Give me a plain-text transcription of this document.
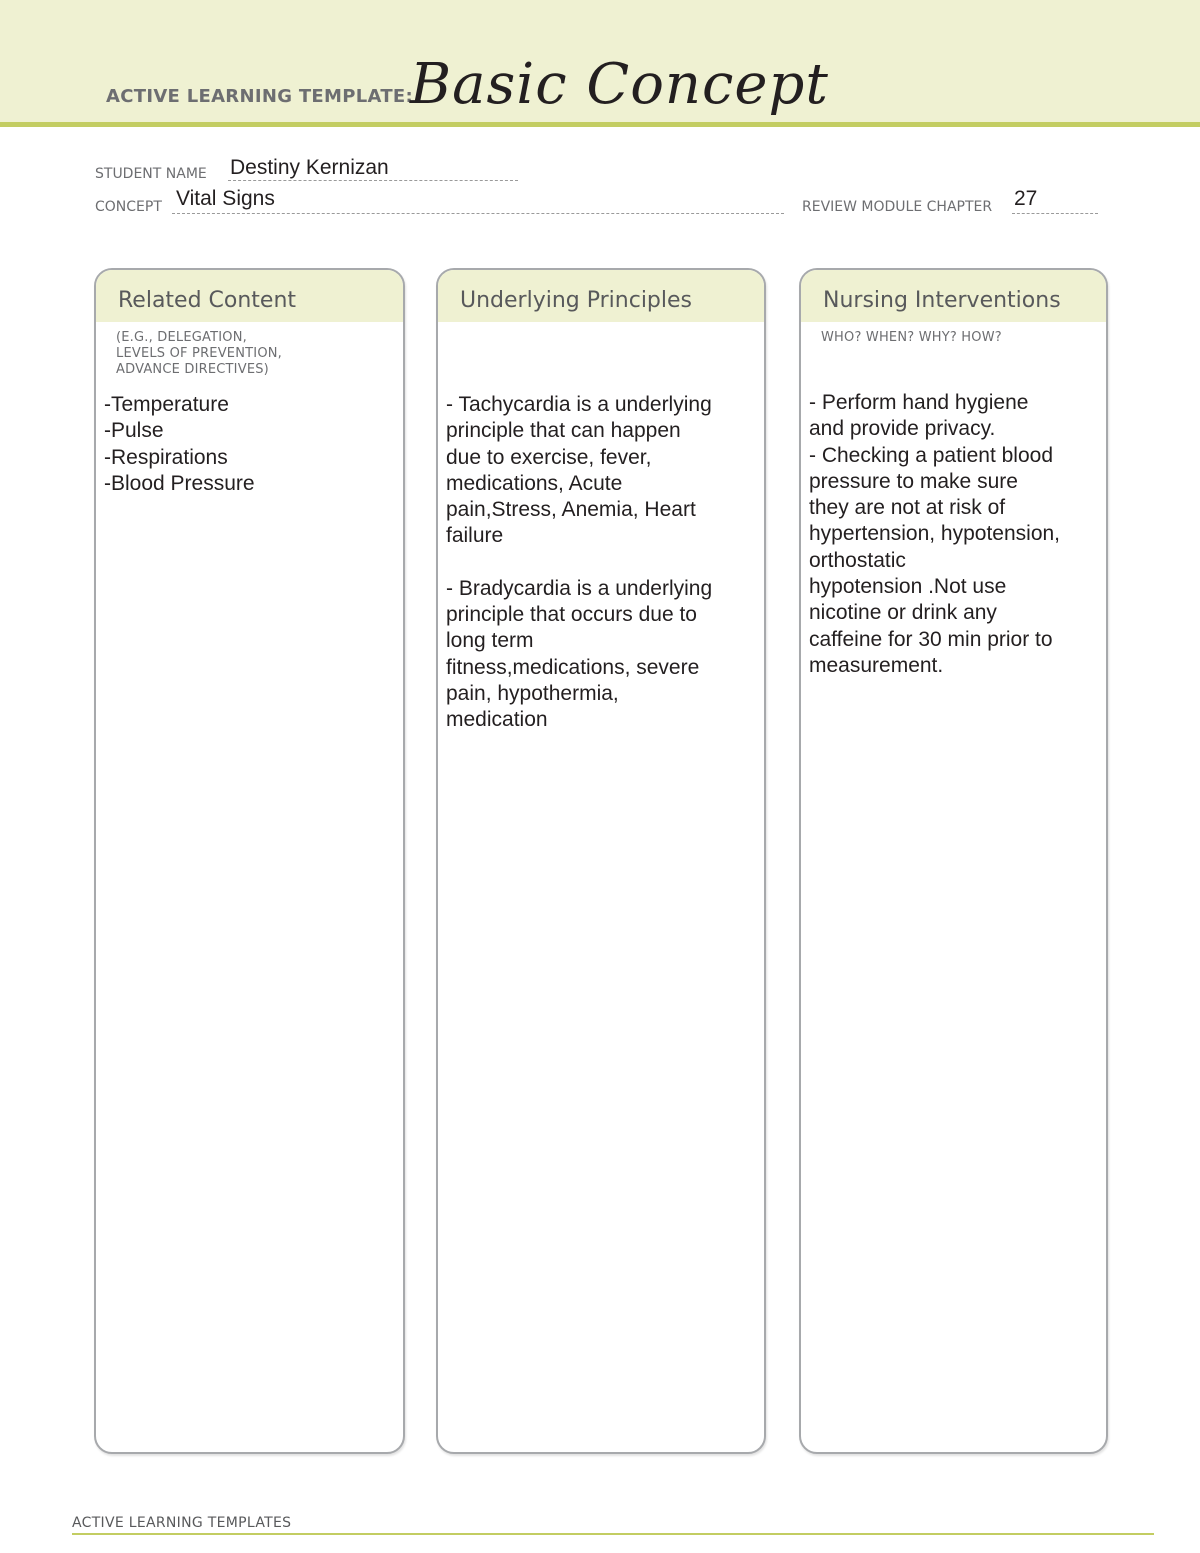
ACTIVE LEARNING TEMPLATE:
Basic Concept
STUDENT NAME Destiny Kernizan
CONCEPT Vital Signs	REVIEW MODULE CHAPTER 27
Related Content
(E.G., DELEGATION,
LEVELS OF PREVENTION,
ADVANCE DIRECTIVES)

-Temperature

-Pulse

-Respirations

-Blood Pressure

Underlying Principles

- Tachycardia is a underlying

principle that can happen

due to exercise, fever,

medications, Acute

pain,Stress, Anemia, Heart

failure

- Bradycardia is a underlying

principle that occurs due to

long term

fitness,medications, severe

pain, hypothermia,

medication

Nursing Interventions
WHO? WHEN? WHY? HOW?

- Perform hand hygiene

and provide privacy.

- Checking a patient blood

pressure to make sure

they are not at risk of

hypertension, hypotension,

orthostatic

hypotension .Not use

nicotine or drink any

caffeine for 30 min prior to

measurement.

ACTIVE LEARNING TEMPLATES
